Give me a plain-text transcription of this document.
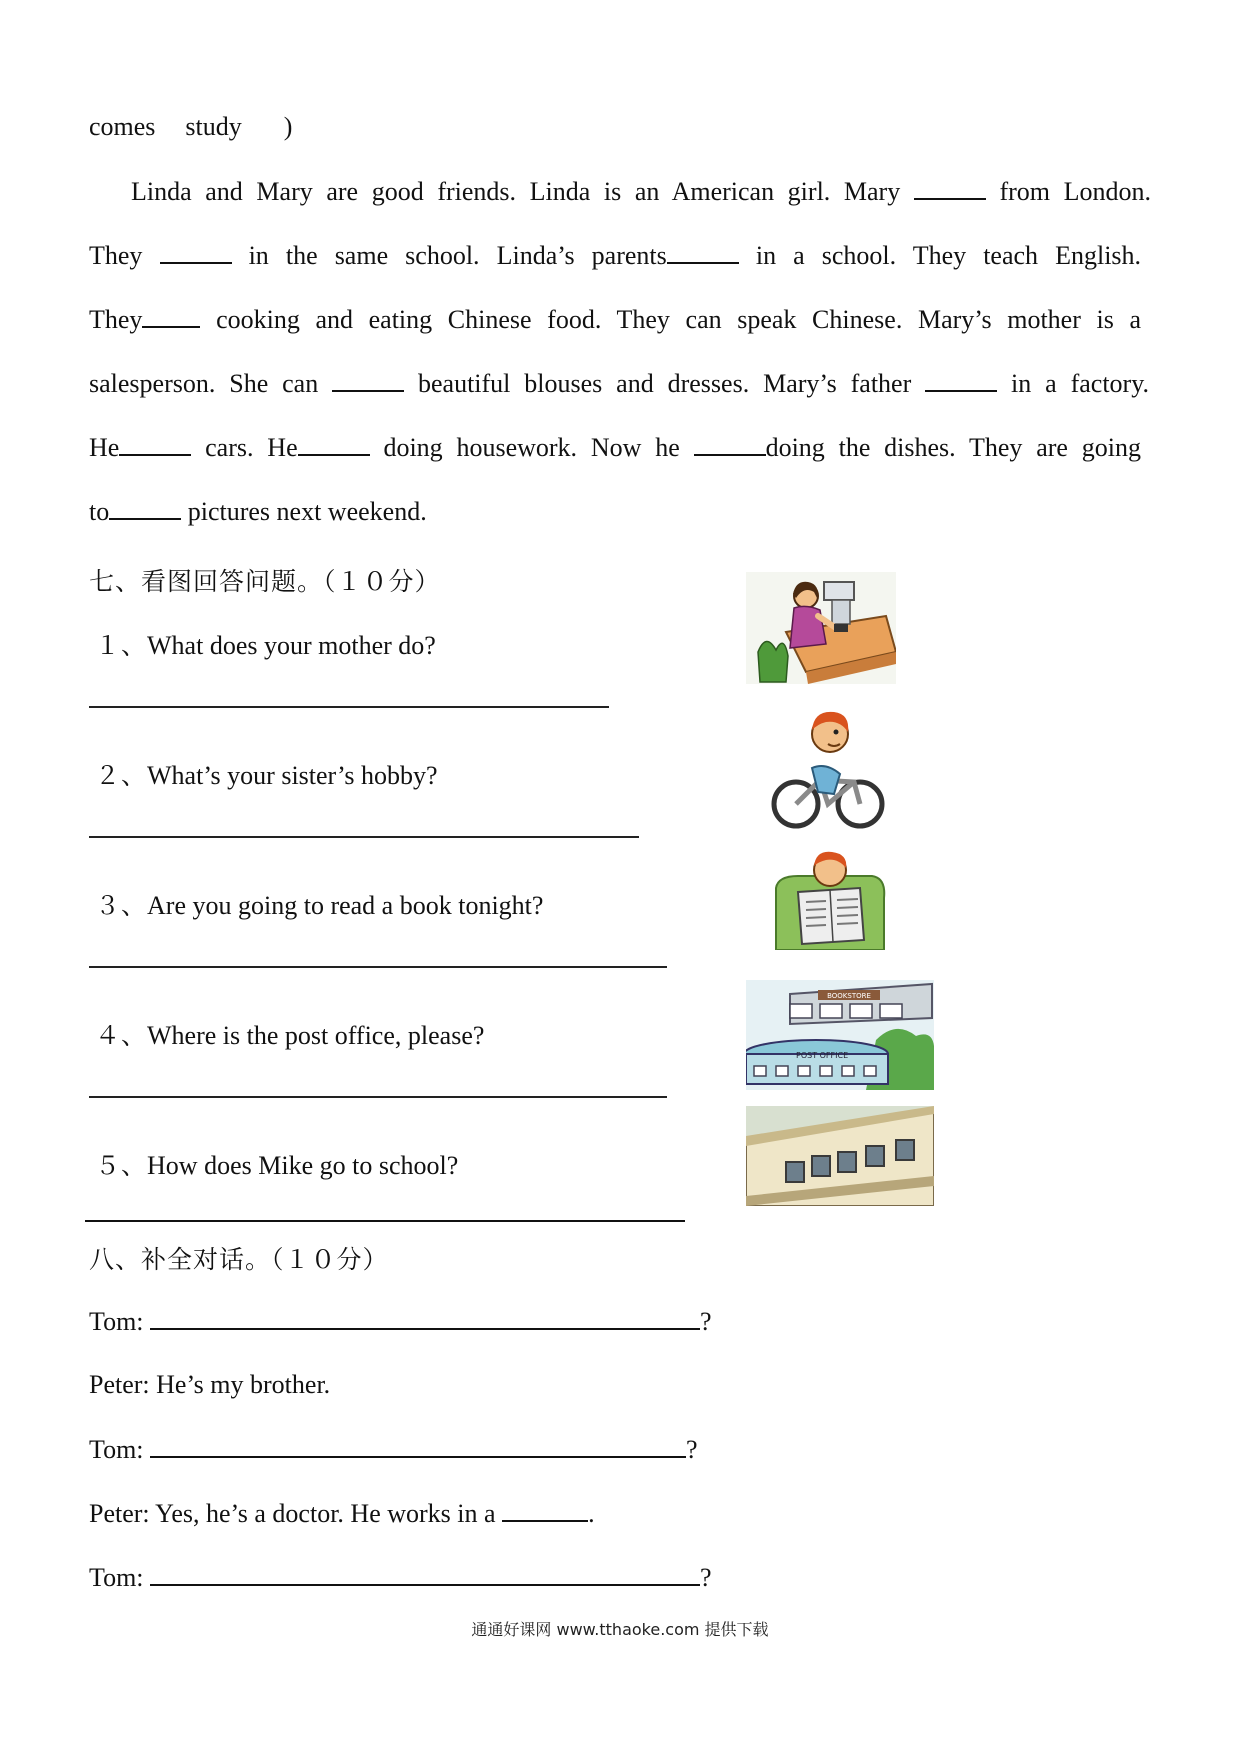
comes study )
Linda and Mary are good friends. Linda is an American girl. Mary	from London.
They	in the same school. Linda’s parents	in a school. They teach English.
They	cooking and eating Chinese food. They can speak Chinese. Mary’s mother is a
salesperson. She can	beautiful blouses and dresses. Mary’s father	in a factory.
He	cars. He	doing housework. Now he	doing the dishes. They are going
to	pictures next weekend.
七、看图回答问题。（１０分）
１、What does your mother do?
２、What’s your sister’s hobby?
３、Are you going to read a book tonight?
４、Where is the post office, please?
５、How does Mike go to school?
BOOKSTORE
POST OFFICE
八、补全对话。（１０分）
Tom:	?
Peter: He’s my brother.
Tom:	?
Peter: Yes, he’s a doctor. He works in a	.
Tom:	?
通通好课网 www.tthaoke.com 提供下载
